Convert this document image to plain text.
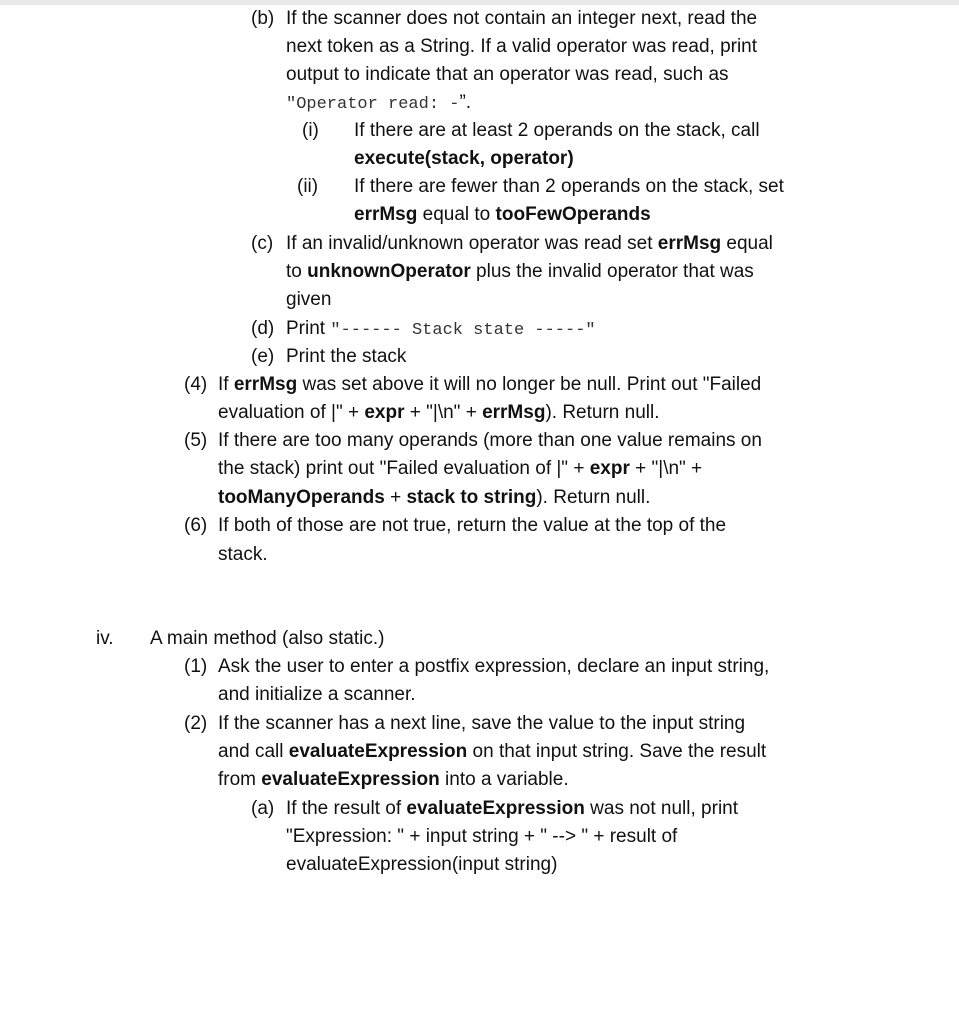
(b) If the scanner does not contain an integer next, read the
next token as a String. If a valid operator was read, print
output to indicate that an operator was read, such as
"Operator read: -”.
(i) If there are at least 2 operands on the stack, call
execute(stack, operator)
(ii) If there are fewer than 2 operands on the stack, set
errMsg equal to tooFewOperands
(c) If an invalid/unknown operator was read set errMsg equal
to unknownOperator plus the invalid operator that was
given
(d) Print "------ Stack state -----"
(e) Print the stack
(4) If errMsg was set above it will no longer be null. Print out "Failed
evaluation of |" + expr + "|\n" + errMsg). Return null.
(5) If there are too many operands (more than one value remains on
the stack) print out "Failed evaluation of |" + expr + "|\n" +
tooManyOperands + stack to string). Return null.
(6) If both of those are not true, return the value at the top of the
stack.
iv. A main method (also static.)
(1) Ask the user to enter a postfix expression, declare an input string,
and initialize a scanner.
(2) If the scanner has a next line, save the value to the input string
and call evaluateExpression on that input string. Save the result
from evaluateExpression into a variable.
(a) If the result of evaluateExpression was not null, print
"Expression: " + input string + " --> " + result of
evaluateExpression(input string)
